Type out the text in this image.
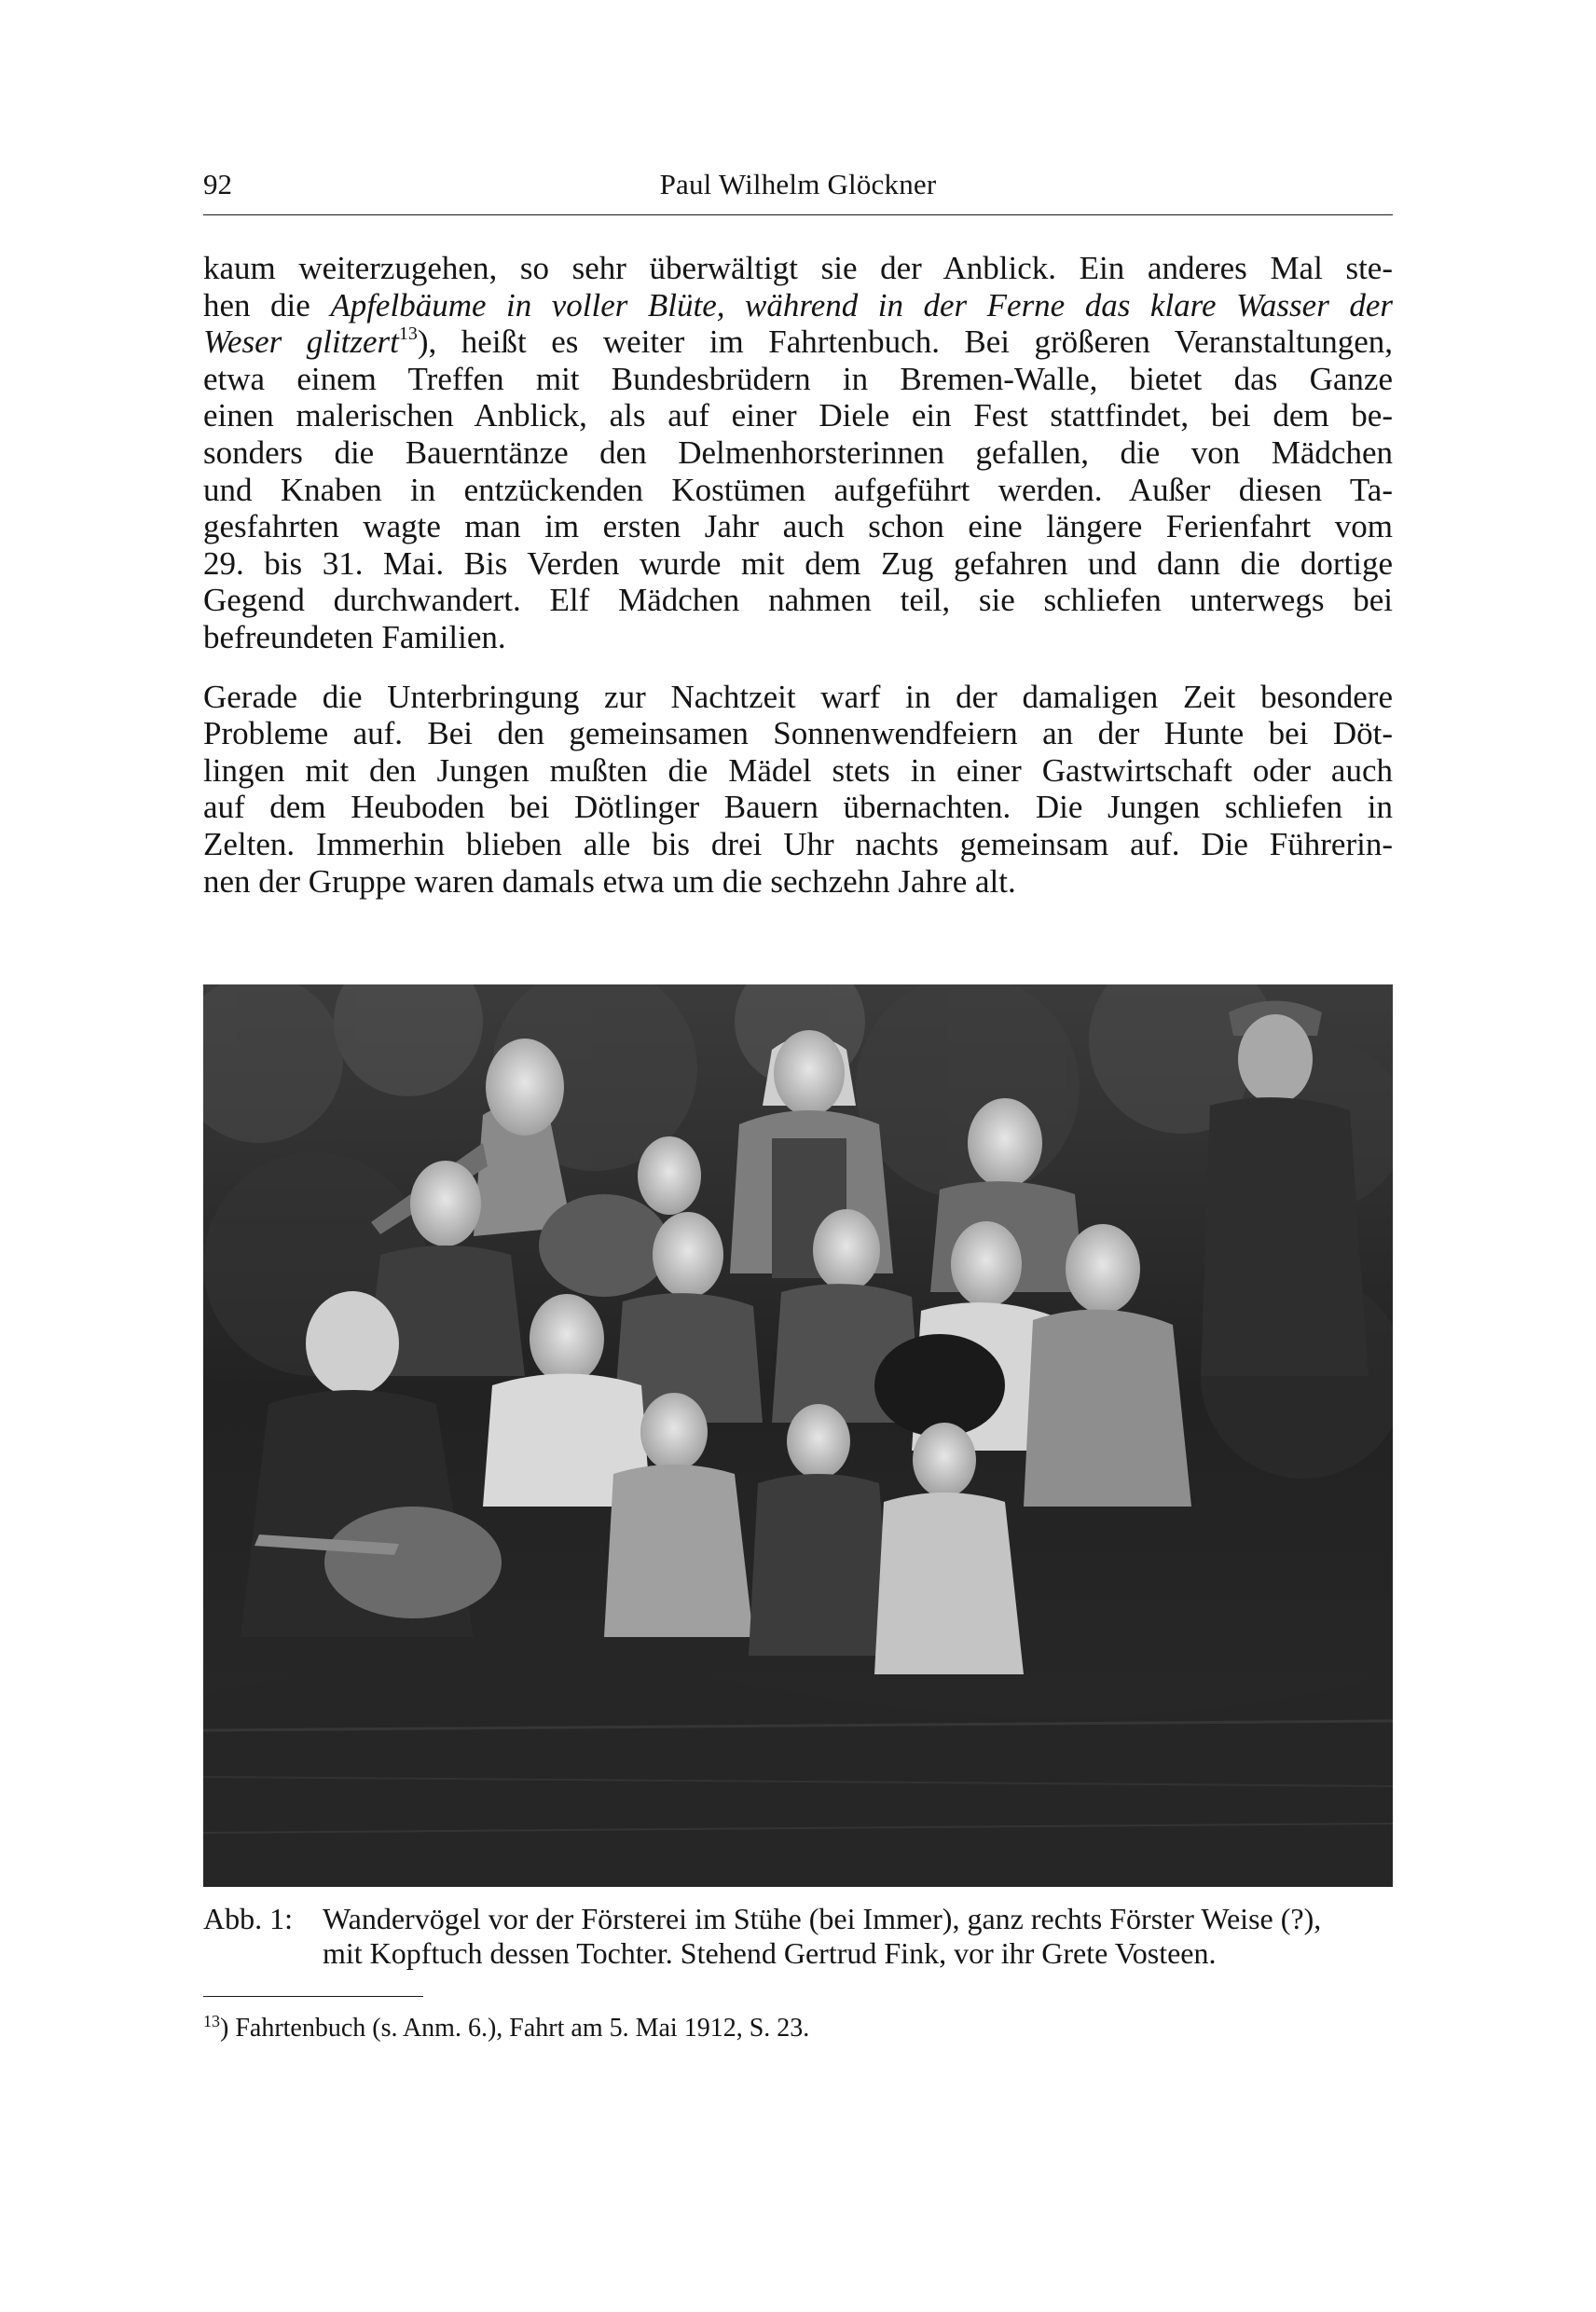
92	Paul Wilhelm Glöckner

kaum weiterzugehen, so sehr überwältigt sie der Anblick. Ein anderes Mal ste-
hen die Apfelbäume in voller Blüte, während in der Ferne das klare Wasser der
Weser glitzert$^{13}$), heißt es weiter im Fahrtenbuch. Bei größeren Veranstaltungen,
etwa einem Treffen mit Bundesbrüdern in Bremen-Walle, bietet das Ganze
einen malerischen Anblick, als auf einer Diele ein Fest stattfindet, bei dem be-
sonders die Bauerntänze den Delmenhorsterinnen gefallen, die von Mädchen
und Knaben in entzückenden Kostümen aufgeführt werden. Außer diesen Ta-
gesfahrten wagte man im ersten Jahr auch schon eine längere Ferienfahrt vom
29. bis 31. Mai. Bis Verden wurde mit dem Zug gefahren und dann die dortige
Gegend durchwandert. Elf Mädchen nahmen teil, sie schliefen unterwegs bei
befreundeten Familien.

Gerade die Unterbringung zur Nachtzeit warf in der damaligen Zeit besondere
Probleme auf. Bei den gemeinsamen Sonnenwendfeiern an der Hunte bei Döt-
lingen mit den Jungen mußten die Mädel stets in einer Gastwirtschaft oder auch
auf dem Heuboden bei Dötlinger Bauern übernachten. Die Jungen schliefen in
Zelten. Immerhin blieben alle bis drei Uhr nachts gemeinsam auf. Die Führerin-
nen der Gruppe waren damals etwa um die sechzehn Jahre alt.

Abb. 1: Wandervögel vor der Försterei im Stühe (bei Immer), ganz rechts Förster Weise (?),
mit Kopftuch dessen Tochter. Stehend Gertrud Fink, vor ihr Grete Vosteen.
$^{13}$) Fahrtenbuch (s. Anm. 6.), Fahrt am 5. Mai 1912, S. 23.
